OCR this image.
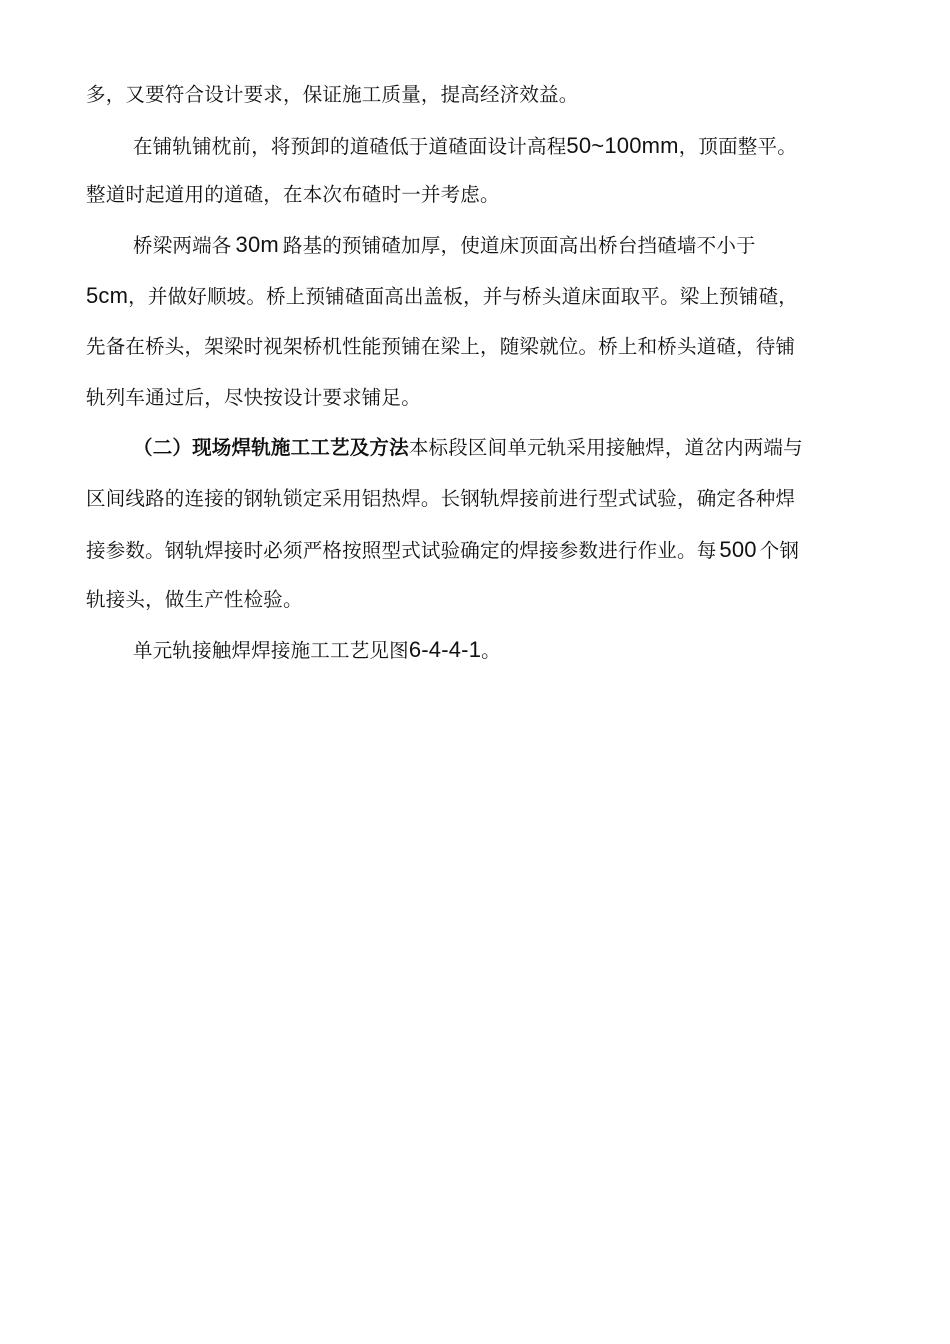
多，又要符合设计要求，保证施工质量，提高经济效益。
在铺轨铺枕前，将预卸的道碴低于道碴面设计高程50~100mm，顶面整平。
整道时起道用的道碴，在本次布碴时一并考虑。
桥梁两端各 30m 路基的预铺碴加厚，使道床顶面高出桥台挡碴墙不小于
5cm，并做好顺坡。桥上预铺碴面高出盖板，并与桥头道床面取平。梁上预铺碴，
先备在桥头，架梁时视架桥机性能预铺在梁上，随梁就位。桥上和桥头道碴，待铺
轨列车通过后，尽快按设计要求铺足。
（二）现场焊轨施工工艺及方法本标段区间单元轨采用接触焊，道岔内两端与
区间线路的连接的钢轨锁定采用铝热焊。长钢轨焊接前进行型式试验，确定各种焊
接参数。钢轨焊接时必须严格按照型式试验确定的焊接参数进行作业。每 500 个钢
轨接头，做生产性检验。
单元轨接触焊焊接施工工艺见图6-4-4-1。
